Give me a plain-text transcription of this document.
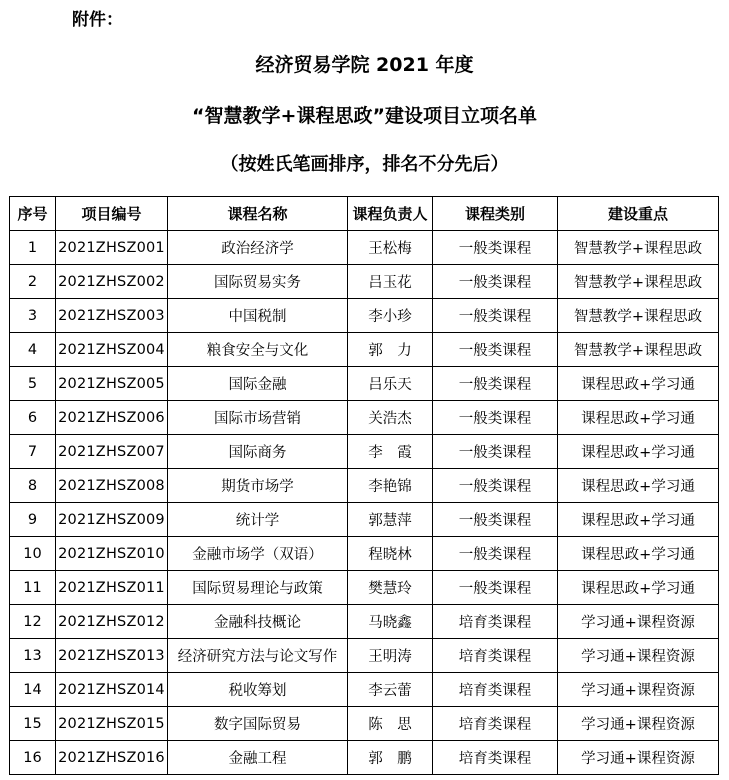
附件：
经济贸易学院 2021 年度
“智慧教学+课程思政”建设项目立项名单
（按姓氏笔画排序，排名不分先后）
序号	项目编号	课程名称	课程负责人	课程类别	建设重点
1	2021ZHSZ001	政治经济学	王松梅	一般类课程	智慧教学+课程思政
2	2021ZHSZ002	国际贸易实务	吕玉花	一般类课程	智慧教学+课程思政
3	2021ZHSZ003	中国税制	李小珍	一般类课程	智慧教学+课程思政
4	2021ZHSZ004	粮食安全与文化	郭　力	一般类课程	智慧教学+课程思政
5	2021ZHSZ005	国际金融	吕乐天	一般类课程	课程思政+学习通
6	2021ZHSZ006	国际市场营销	关浩杰	一般类课程	课程思政+学习通
7	2021ZHSZ007	国际商务	李　霞	一般类课程	课程思政+学习通
8	2021ZHSZ008	期货市场学	李艳锦	一般类课程	课程思政+学习通
9	2021ZHSZ009	统计学	郭慧萍	一般类课程	课程思政+学习通
10	2021ZHSZ010	金融市场学（双语）	程晓林	一般类课程	课程思政+学习通
11	2021ZHSZ011	国际贸易理论与政策	樊慧玲	一般类课程	课程思政+学习通
12	2021ZHSZ012	金融科技概论	马晓鑫	培育类课程	学习通+课程资源
13	2021ZHSZ013	经济研究方法与论文写作	王明涛	培育类课程	学习通+课程资源
14	2021ZHSZ014	税收筹划	李云蕾	培育类课程	学习通+课程资源
15	2021ZHSZ015	数字国际贸易	陈　思	培育类课程	学习通+课程资源
16	2021ZHSZ016	金融工程	郭　鹏	培育类课程	学习通+课程资源
